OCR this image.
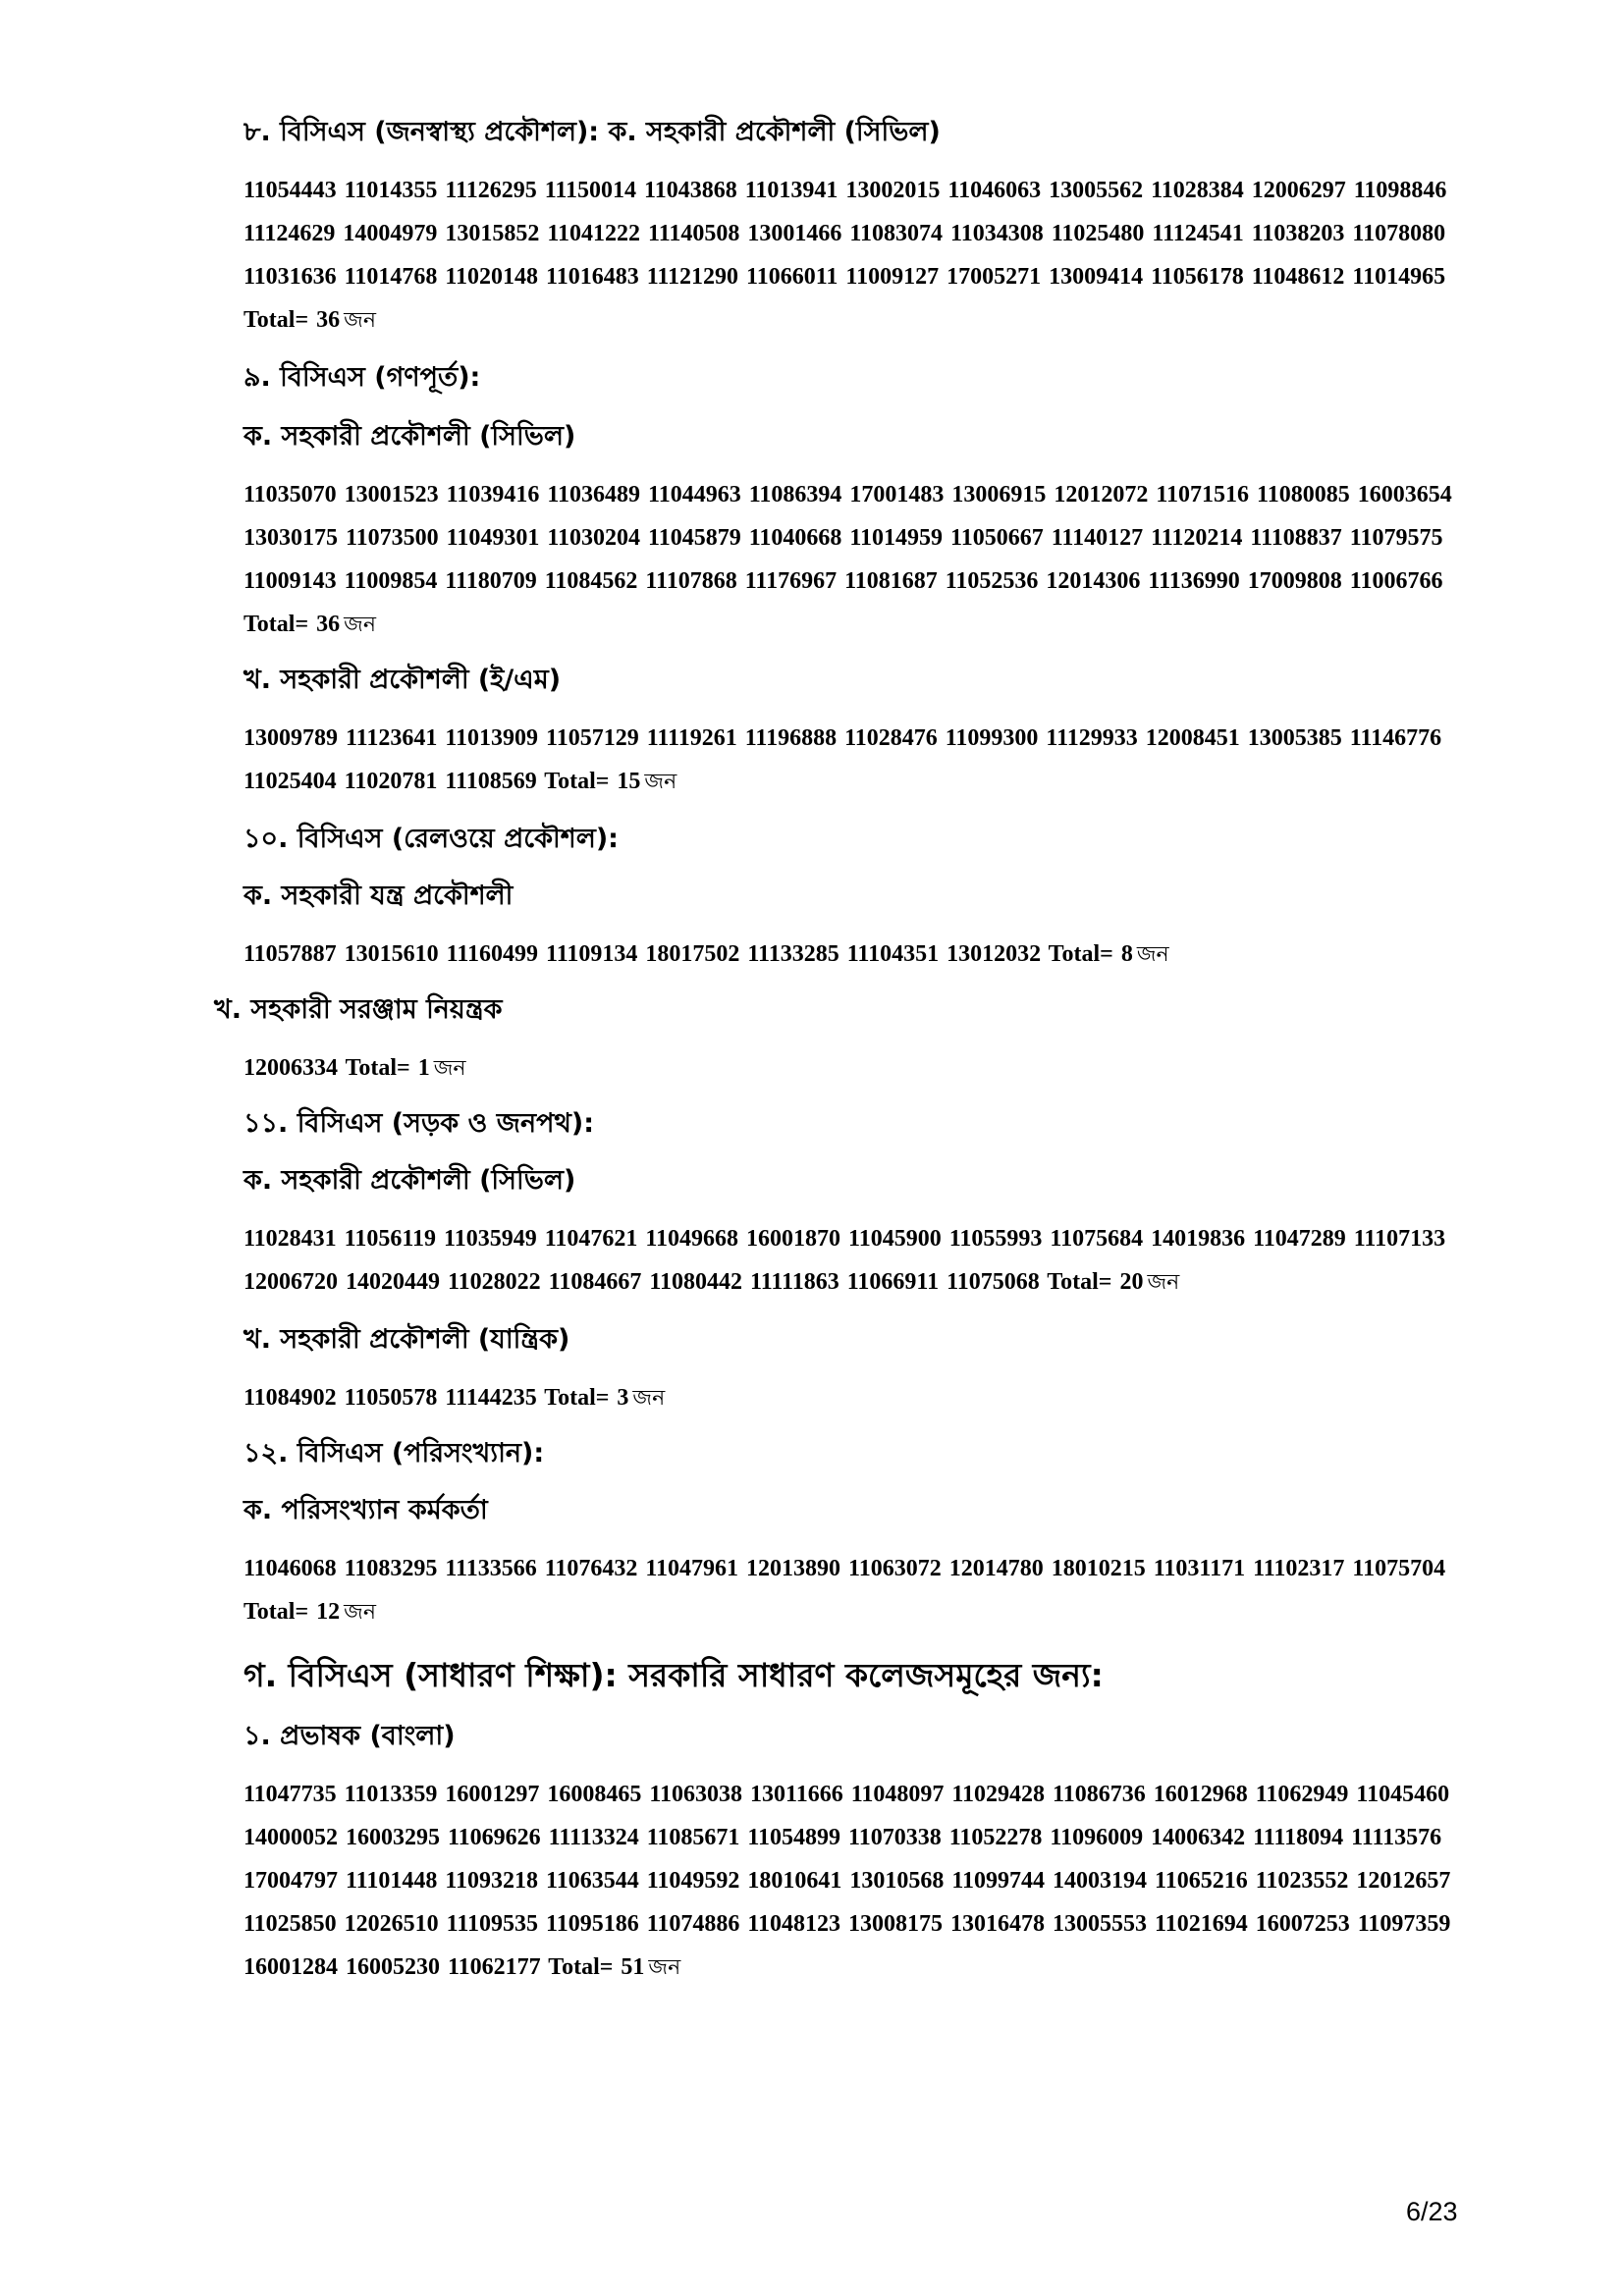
৮. বিসিএস (জনস্বাস্থ্য প্রকৌশল): ক. সহকারী প্রকৌশলী (সিভিল)
11054443 11014355 11126295 11150014 11043868 11013941 13002015 11046063 13005562 11028384 12006297 11098846 11124629 14004979 13015852 11041222 11140508 13001466 11083074 11034308 11025480 11124541 11038203 11078080 11031636 11014768 11020148 11016483 11121290 11066011 11009127 17005271 13009414 11056178 11048612 11014965 Total= 36 জন
৯. বিসিএস (গণপূর্ত):
ক. সহকারী প্রকৌশলী (সিভিল)
11035070 13001523 11039416 11036489 11044963 11086394 17001483 13006915 12012072 11071516 11080085 16003654 13030175 11073500 11049301 11030204 11045879 11040668 11014959 11050667 11140127 11120214 11108837 11079575 11009143 11009854 11180709 11084562 11107868 11176967 11081687 11052536 12014306 11136990 17009808 11006766 Total= 36 জন
খ. সহকারী প্রকৌশলী (ই/এম)
13009789 11123641 11013909 11057129 11119261 11196888 11028476 11099300 11129933 12008451 13005385 11146776 11025404 11020781 11108569 Total= 15 জন
১০. বিসিএস (রেলওয়ে প্রকৌশল):
ক. সহকারী যন্ত্র প্রকৌশলী
11057887 13015610 11160499 11109134 18017502 11133285 11104351 13012032 Total= 8 জন
খ. সহকারী সরঞ্জাম নিয়ন্ত্রক
12006334 Total= 1 জন
১১. বিসিএস (সড়ক ও জনপথ):
ক. সহকারী প্রকৌশলী (সিভিল)
11028431 11056119 11035949 11047621 11049668 16001870 11045900 11055993 11075684 14019836 11047289 11107133 12006720 14020449 11028022 11084667 11080442 11111863 11066911 11075068 Total= 20 জন
খ. সহকারী প্রকৌশলী (যান্ত্রিক)
11084902 11050578 11144235 Total= 3 জন
১২. বিসিএস (পরিসংখ্যান):
ক. পরিসংখ্যান কর্মকর্তা
11046068 11083295 11133566 11076432 11047961 12013890 11063072 12014780 18010215 11031171 11102317 11075704 Total= 12 জন
গ. বিসিএস (সাধারণ শিক্ষা): সরকারি সাধারণ কলেজসমূহের জন্য:
১. প্রভাষক (বাংলা)
11047735 11013359 16001297 16008465 11063038 13011666 11048097 11029428 11086736 16012968 11062949 11045460 14000052 16003295 11069626 11113324 11085671 11054899 11070338 11052278 11096009 14006342 11118094 11113576 17004797 11101448 11093218 11063544 11049592 18010641 13010568 11099744 14003194 11065216 11023552 12012657 11025850 12026510 11109535 11095186 11074886 11048123 13008175 13016478 13005553 11021694 16007253 11097359 16001284 16005230 11062177 Total= 51 জন
6/23
